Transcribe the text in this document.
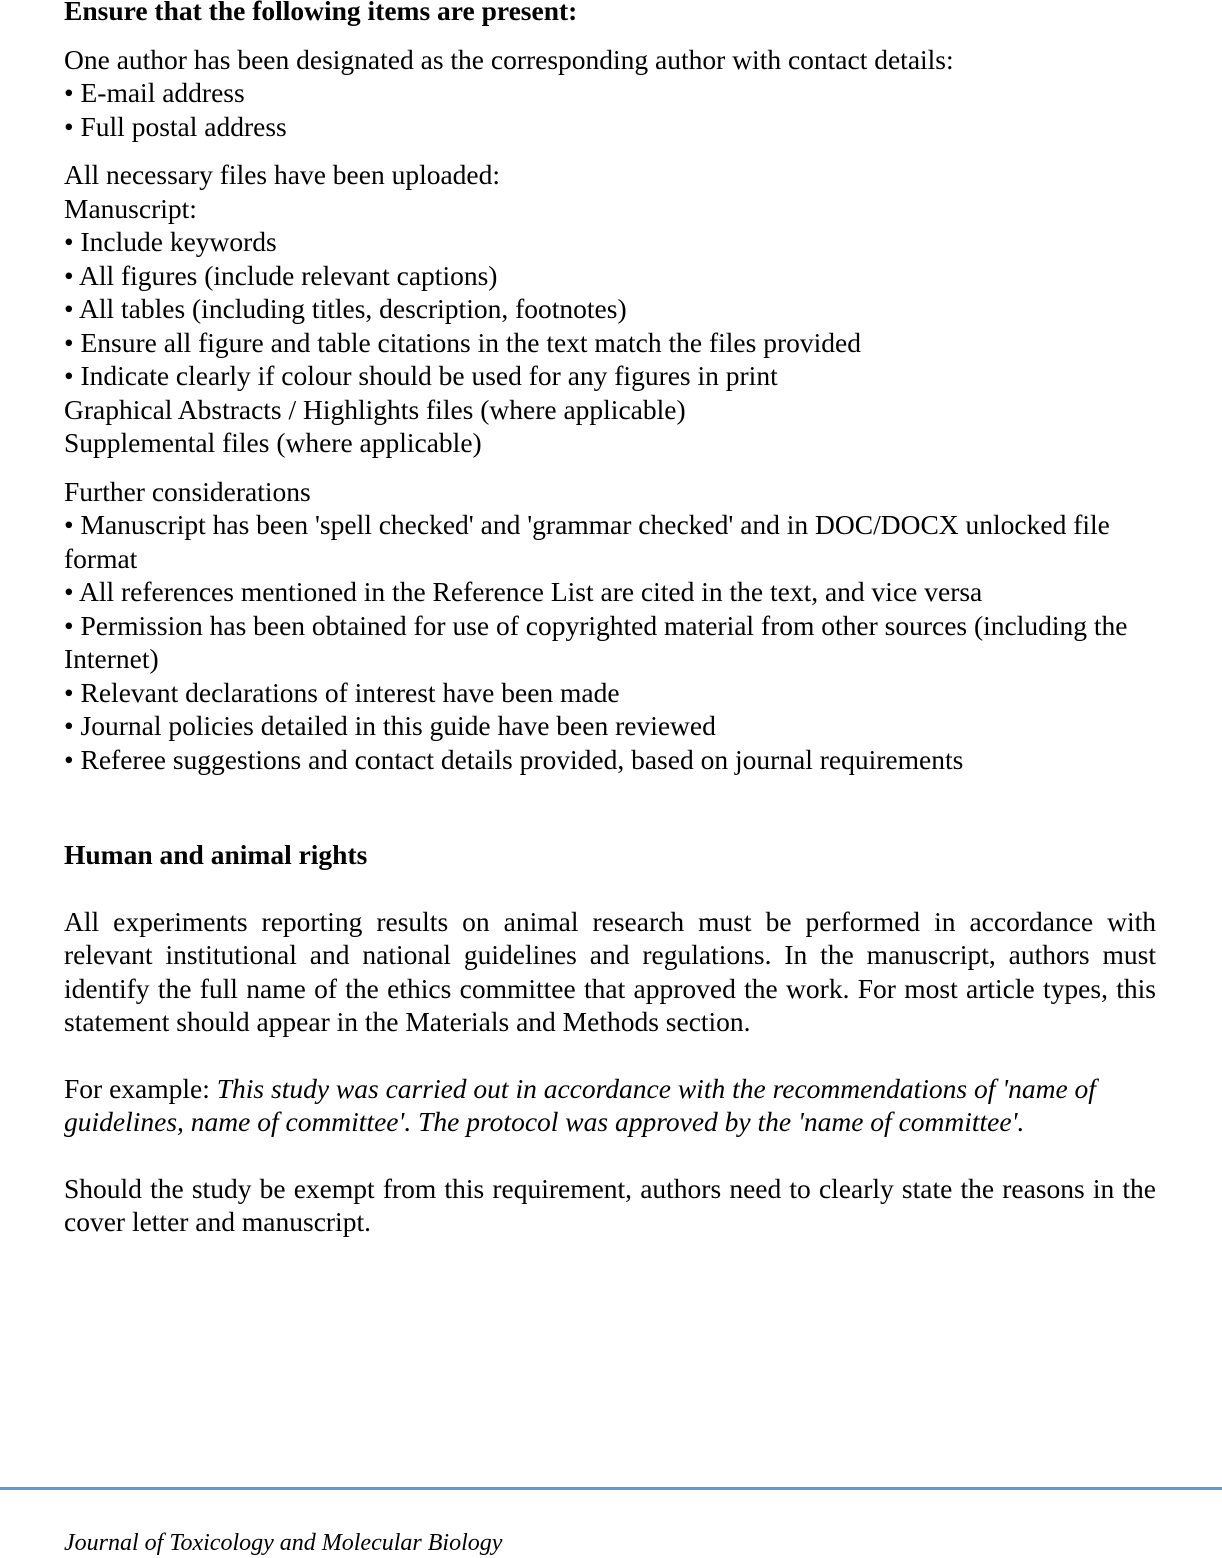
Ensure that the following items are present:

One author has been designated as the corresponding author with contact details:

• E-mail address

• Full postal address

All necessary files have been uploaded:

Manuscript:

• Include keywords

• All figures (include relevant captions)

• All tables (including titles, description, footnotes)

• Ensure all figure and table citations in the text match the files provided

• Indicate clearly if colour should be used for any figures in print

Graphical Abstracts / Highlights files (where applicable)

Supplemental files (where applicable)

Further considerations

• Manuscript has been 'spell checked' and 'grammar checked' and in DOC/DOCX unlocked file format

• All references mentioned in the Reference List are cited in the text, and vice versa

• Permission has been obtained for use of copyrighted material from other sources (including the Internet)

• Relevant declarations of interest have been made

• Journal policies detailed in this guide have been reviewed

• Referee suggestions and contact details provided, based on journal requirements

Human and animal rights

All experiments reporting results on animal research must be performed in accordance with relevant institutional and national guidelines and regulations. In the manuscript, authors must identify the full name of the ethics committee that approved the work. For most article types, this statement should appear in the Materials and Methods section.

For example: This study was carried out in accordance with the recommendations of 'name of guidelines, name of committee'. The protocol was approved by the 'name of committee'.

Should the study be exempt from this requirement, authors need to clearly state the reasons in the cover letter and manuscript.

Journal of Toxicology and Molecular Biology
